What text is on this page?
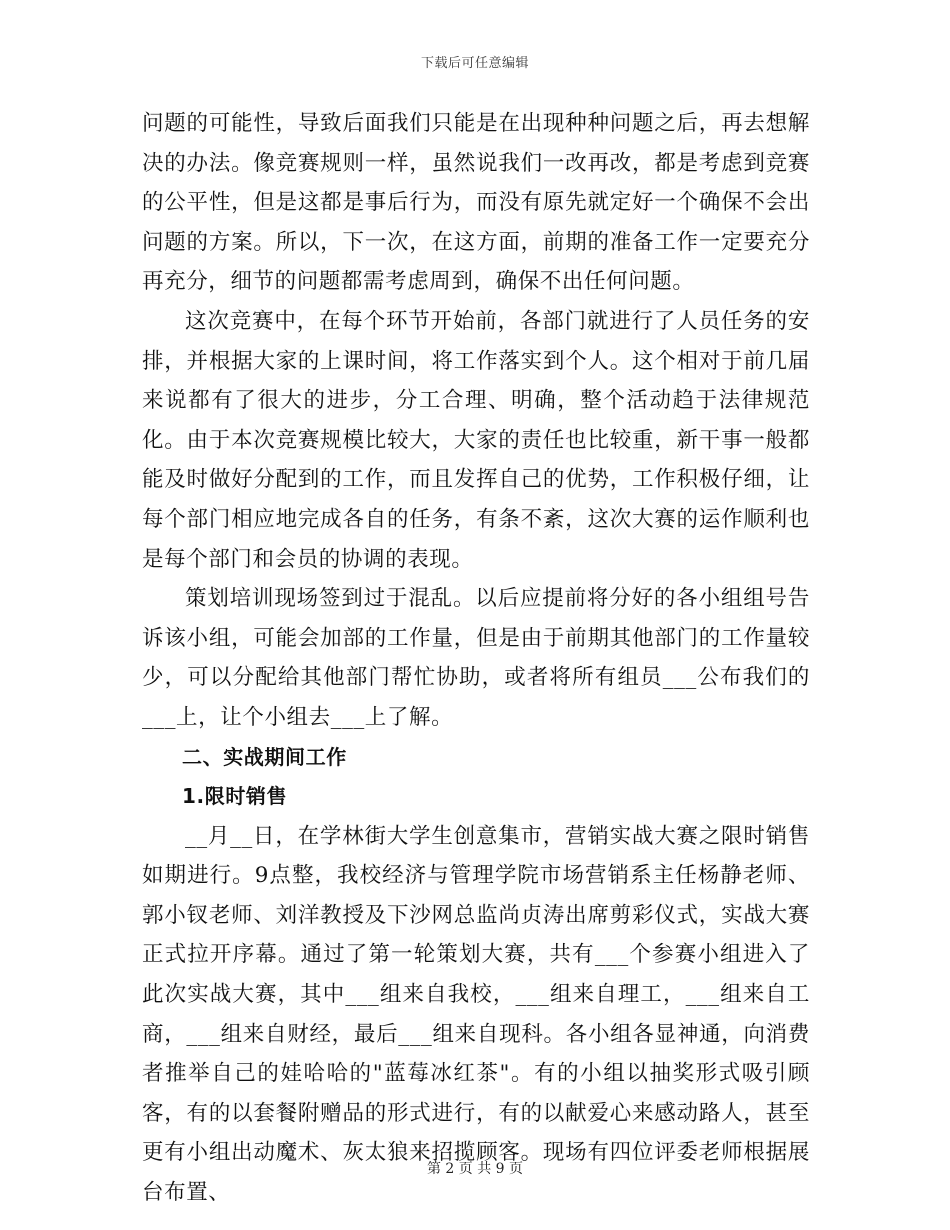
下载后可任意编辑

问题的可能性，导致后面我们只能是在出现种种问题之后，再去想解决的办法。像竞赛规则一样，虽然说我们一改再改，都是考虑到竞赛的公平性，但是这都是事后行为，而没有原先就定好一个确保不会出问题的方案。所以，下一次，在这方面，前期的准备工作一定要充分再充分，细节的问题都需考虑周到，确保不出任何问题。

这次竞赛中，在每个环节开始前，各部门就进行了人员任务的安排，并根据大家的上课时间，将工作落实到个人。这个相对于前几届来说都有了很大的进步，分工合理、明确，整个活动趋于法律规范化。由于本次竞赛规模比较大，大家的责任也比较重，新干事一般都能及时做好分配到的工作，而且发挥自己的优势，工作积极仔细，让每个部门相应地完成各自的任务，有条不紊，这次大赛的运作顺利也是每个部门和会员的协调的表现。

策划培训现场签到过于混乱。以后应提前将分好的各小组组号告诉该小组，可能会加部的工作量，但是由于前期其他部门的工作量较少，可以分配给其他部门帮忙协助，或者将所有组员___公布我们的___上，让个小组去___上了解。

二、实战期间工作

1.限时销售

__月__日，在学林街大学生创意集市，营销实战大赛之限时销售如期进行。9点整，我校经济与管理学院市场营销系主任杨静老师、郭小钗老师、刘洋教授及下沙网总监尚贞涛出席剪彩仪式，实战大赛正式拉开序幕。通过了第一轮策划大赛，共有___个参赛小组进入了此次实战大赛，其中___组来自我校，___组来自理工，___组来自工商，___组来自财经，最后___组来自现科。各小组各显神通，向消费者推举自己的娃哈哈的"蓝莓冰红茶"。有的小组以抽奖形式吸引顾客，有的以套餐附赠品的形式进行，有的以献爱心来感动路人，甚至更有小组出动魔术、灰太狼来招揽顾客。现场有四位评委老师根据展台布置、

第 2 页 共 9 页
